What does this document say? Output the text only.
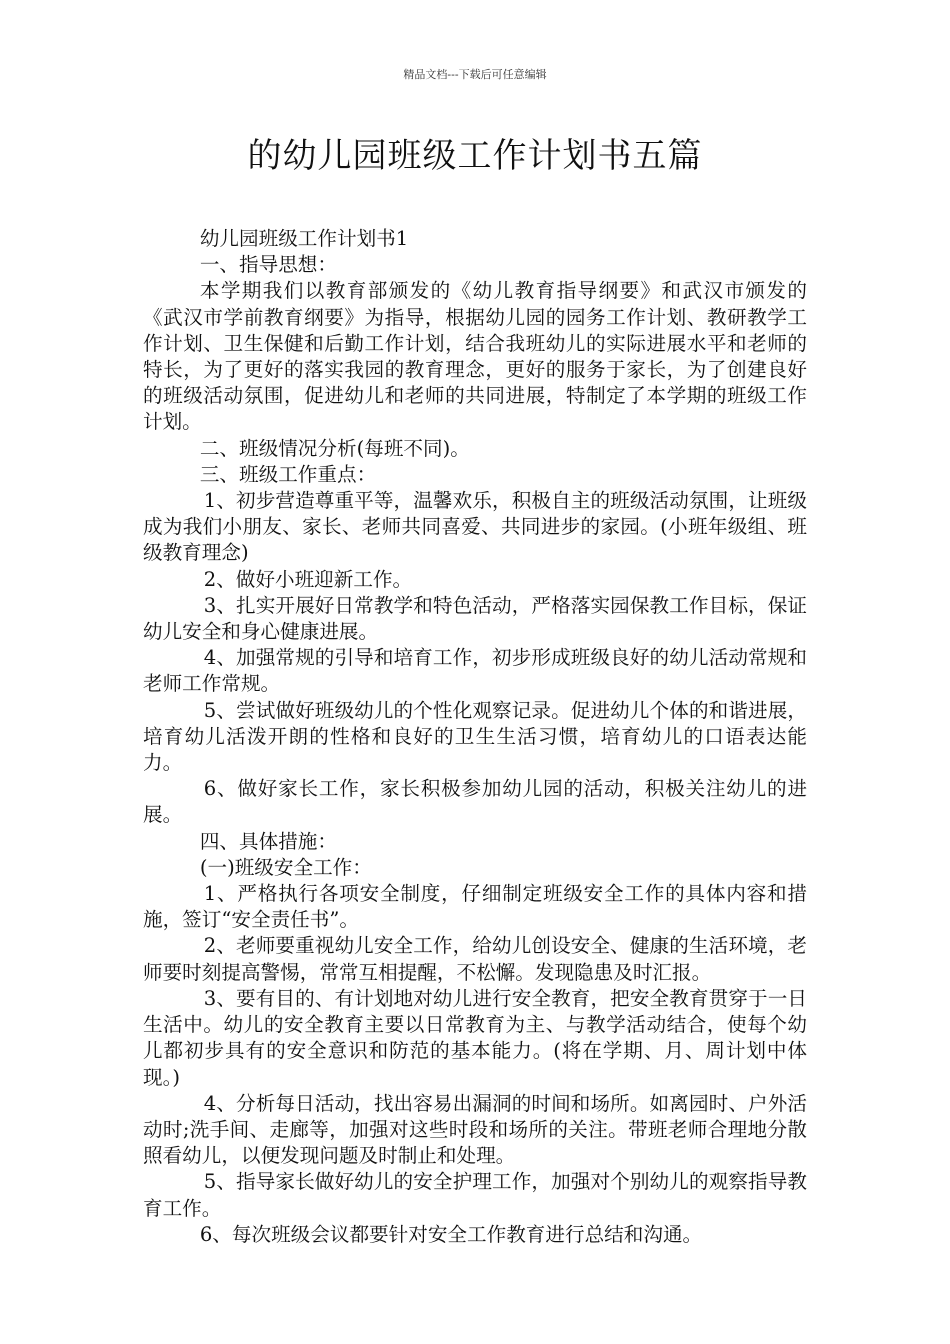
精品文档---下载后可任意编辑
的幼儿园班级工作计划书五篇

幼儿园班级工作计划书1

一、指导思想：

本学期我们以教育部颁发的《幼儿教育指导纲要》和武汉市颁发的《武汉市学前教育纲要》为指导，根据幼儿园的园务工作计划、教研教学工作计划、卫生保健和后勤工作计划，结合我班幼儿的实际进展水平和老师的特长，为了更好的落实我园的教育理念，更好的服务于家长，为了创建良好的班级活动氛围，促进幼儿和老师的共同进展，特制定了本学期的班级工作计划。

二、班级情况分析(每班不同)。

三、班级工作重点：

1、初步营造尊重平等，温馨欢乐，积极自主的班级活动氛围，让班级成为我们小朋友、家长、老师共同喜爱、共同进步的家园。(小班年级组、班级教育理念)

2、做好小班迎新工作。

3、扎实开展好日常教学和特色活动，严格落实园保教工作目标，保证幼儿安全和身心健康进展。

4、加强常规的引导和培育工作，初步形成班级良好的幼儿活动常规和老师工作常规。

5、尝试做好班级幼儿的个性化观察记录。促进幼儿个体的和谐进展，培育幼儿活泼开朗的性格和良好的卫生生活习惯，培育幼儿的口语表达能力。

6、做好家长工作，家长积极参加幼儿园的活动，积极关注幼儿的进展。

四、具体措施：

(一)班级安全工作：

1、严格执行各项安全制度，仔细制定班级安全工作的具体内容和措施，签订“安全责任书”。

2、老师要重视幼儿安全工作，给幼儿创设安全、健康的生活环境，老师要时刻提高警惕，常常互相提醒，不松懈。发现隐患及时汇报。

3、要有目的、有计划地对幼儿进行安全教育，把安全教育贯穿于一日生活中。幼儿的安全教育主要以日常教育为主、与教学活动结合，使每个幼儿都初步具有的安全意识和防范的基本能力。(将在学期、月、周计划中体现。)

4、分析每日活动，找出容易出漏洞的时间和场所。如离园时、户外活动时;洗手间、走廊等，加强对这些时段和场所的关注。带班老师合理地分散照看幼儿，以便发现问题及时制止和处理。

5、指导家长做好幼儿的安全护理工作，加强对个别幼儿的观察指导教育工作。

6、每次班级会议都要针对安全工作教育进行总结和沟通。
